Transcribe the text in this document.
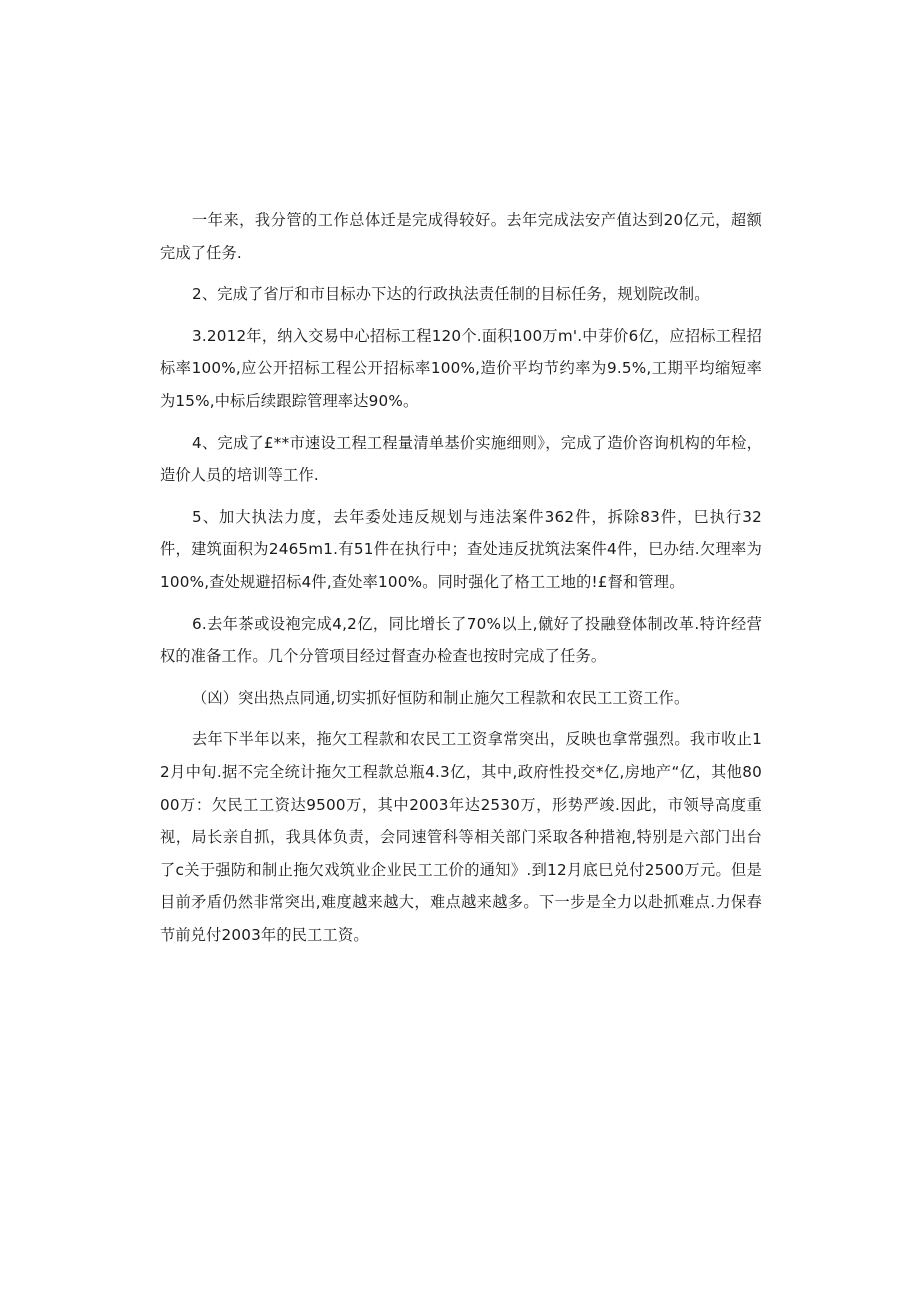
一年来，我分管的工作总体迁是完成得较好。去年完成法安产值达到20亿元，超额完成了任务.

2、完成了省厅和市目标办下达的行政执法责任制的目标任务，规划院改制。

3.2012年，纳入交易中心招标工程120个.面积100万m'.中芽价6亿，应招标工程招标率100%,应公开招标工程公开招标率100%,造价平均节约率为9.5%,工期平均缩短率为15%,中标后续跟踪管理率达90%。

4、完成了£**市速设工程工程量清单基价实施细则》，完成了造价咨询机构的年检，造价人员的培训等工作.

5、加大执法力度，去年委处违反规划与违法案件362件，拆除83件，巳执行32件，建筑面积为2465m1.有51件在执行中；查处违反扰筑法案件4件，巳办结.欠理率为100%,查处规避招标4件,查处率100%。同时强化了格工工地的!£督和管理。

6.去年茶或设袍完成4,2亿，同比增长了70%以上,僦好了投融登体制改革.特许经营权的准备工作。几个分管项目经过督查办检查也按时完成了任务。

（凶）突出热点同通,切实抓好恒防和制止施欠工程款和农民工工资工作。

去年下半年以来，拖欠工程款和农民工工资拿常突出，反映也拿常强烈。我市收止12月中旬.据不完全统计拖欠工程款总瓶4.3亿，其中,政府性投交*亿,房地产“亿，其他8000万：欠民工工资达9500万，其中2003年达2530万，形势严竣.因此，市领导高度重视，局长亲自抓，我具体负责，会同速管科等相关部门采取各种措袍,特别是六部门出台了c关于强防和制止拖欠戏筑业企业民工工价的通知》.到12月底巳兑付2500万元。但是目前矛盾仍然非常突出,难度越来越大，难点越来越多。下一步是全力以赴抓难点.力保春节前兑付2003年的民工工资。
